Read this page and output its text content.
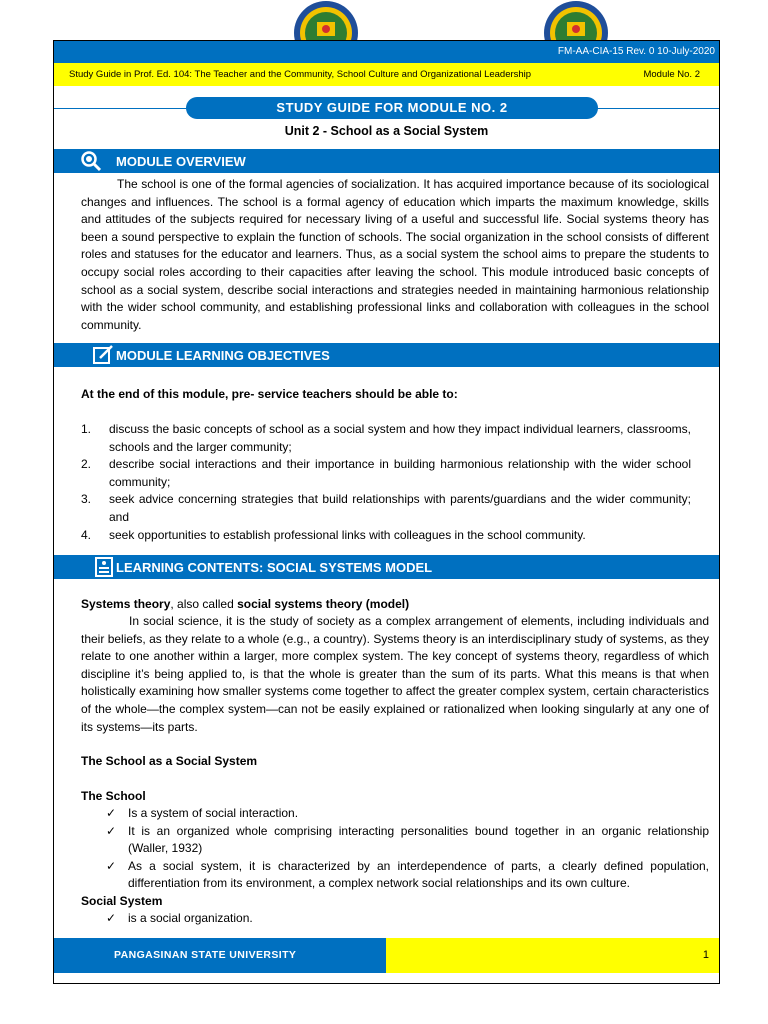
FM-AA-CIA-15 Rev. 0 10-July-2020
Study Guide in Prof. Ed. 104: The Teacher and the Community, School Culture and Organizational Leadership	Module No. 2
STUDY GUIDE FOR MODULE NO. 2
Unit 2 - School as a Social System
MODULE OVERVIEW
The school is one of the formal agencies of socialization. It has acquired importance because of its sociological changes and influences. The school is a formal agency of education which imparts the maximum knowledge, skills and attitudes of the subjects required for necessary living of a useful and successful life. Social systems theory has been a sound perspective to explain the function of schools. The social organization in the school consists of different roles and statuses for the educator and learners. Thus, as a social system the school aims to prepare the students to occupy social roles according to their capacities after leaving the school. This module introduced basic concepts of school as a social system, describe social interactions and strategies needed in maintaining harmonious relationship with the wider school community, and establishing professional links and collaboration with colleagues in the school community.
MODULE LEARNING OBJECTIVES
At the end of this module, pre- service teachers should be able to:
1. discuss the basic concepts of school as a social system and how they impact individual learners, classrooms, schools and the larger community;
2. describe social interactions and their importance in building harmonious relationship with the wider school community;
3. seek advice concerning strategies that build relationships with parents/guardians and the wider community; and
4. seek opportunities to establish professional links with colleagues in the school community.
LEARNING CONTENTS: SOCIAL SYSTEMS MODEL
Systems theory, also called social systems theory (model)
In social science, it is the study of society as a complex arrangement of elements, including individuals and their beliefs, as they relate to a whole (e.g., a country). Systems theory is an interdisciplinary study of systems, as they relate to one another within a larger, more complex system. The key concept of systems theory, regardless of which discipline it’s being applied to, is that the whole is greater than the sum of its parts. What this means is that when holistically examining how smaller systems come together to affect the greater complex system, certain characteristics of the whole—the complex system—can not be easily explained or rationalized when looking singularly at any one of its systems—its parts.
The School as a Social System
The School
✓ Is a system of social interaction.
✓ It is an organized whole comprising interacting personalities bound together in an organic relationship (Waller, 1932)
✓ As a social system, it is characterized by an interdependence of parts, a clearly defined population, differentiation from its environment, a complex network social relationships and its own culture.
Social System
✓ is a social organization.
PANGASINAN STATE UNIVERSITY	1
